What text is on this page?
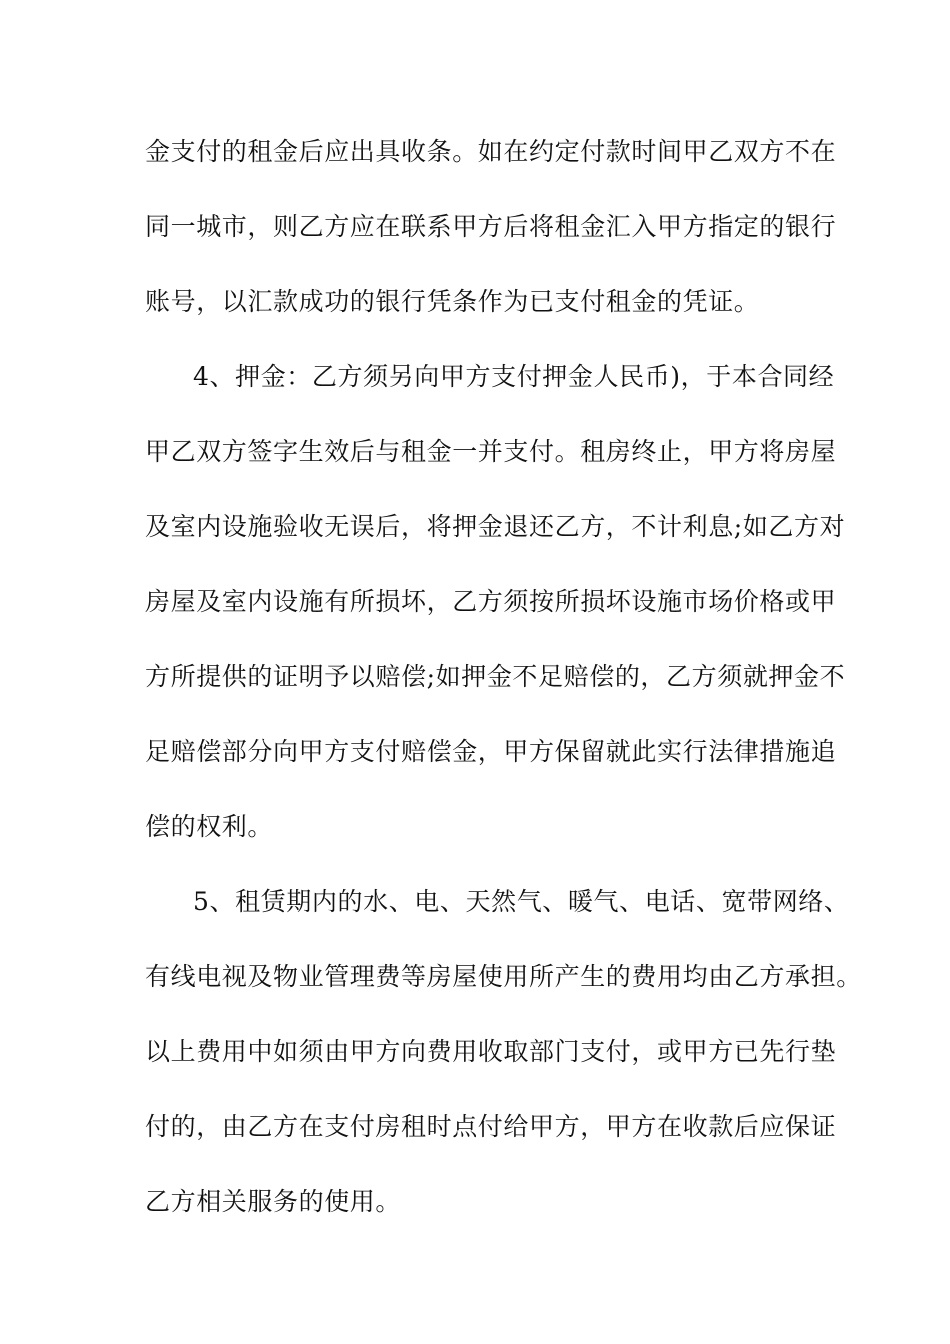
金支付的租金后应出具收条。如在约定付款时间甲乙双方不在
同一城市，则乙方应在联系甲方后将租金汇入甲方指定的银行
账号，以汇款成功的银行凭条作为已支付租金的凭证。
4、押金：乙方须另向甲方支付押金人民币)，于本合同经
甲乙双方签字生效后与租金一并支付。租房终止，甲方将房屋
及室内设施验收无误后，将押金退还乙方，不计利息;如乙方对
房屋及室内设施有所损坏，乙方须按所损坏设施市场价格或甲
方所提供的证明予以赔偿;如押金不足赔偿的，乙方须就押金不
足赔偿部分向甲方支付赔偿金，甲方保留就此实行法律措施追
偿的权利。
5、租赁期内的水、电、天然气、暖气、电话、宽带网络、
有线电视及物业管理费等房屋使用所产生的费用均由乙方承担。
以上费用中如须由甲方向费用收取部门支付，或甲方已先行垫
付的，由乙方在支付房租时点付给甲方，甲方在收款后应保证
乙方相关服务的使用。
